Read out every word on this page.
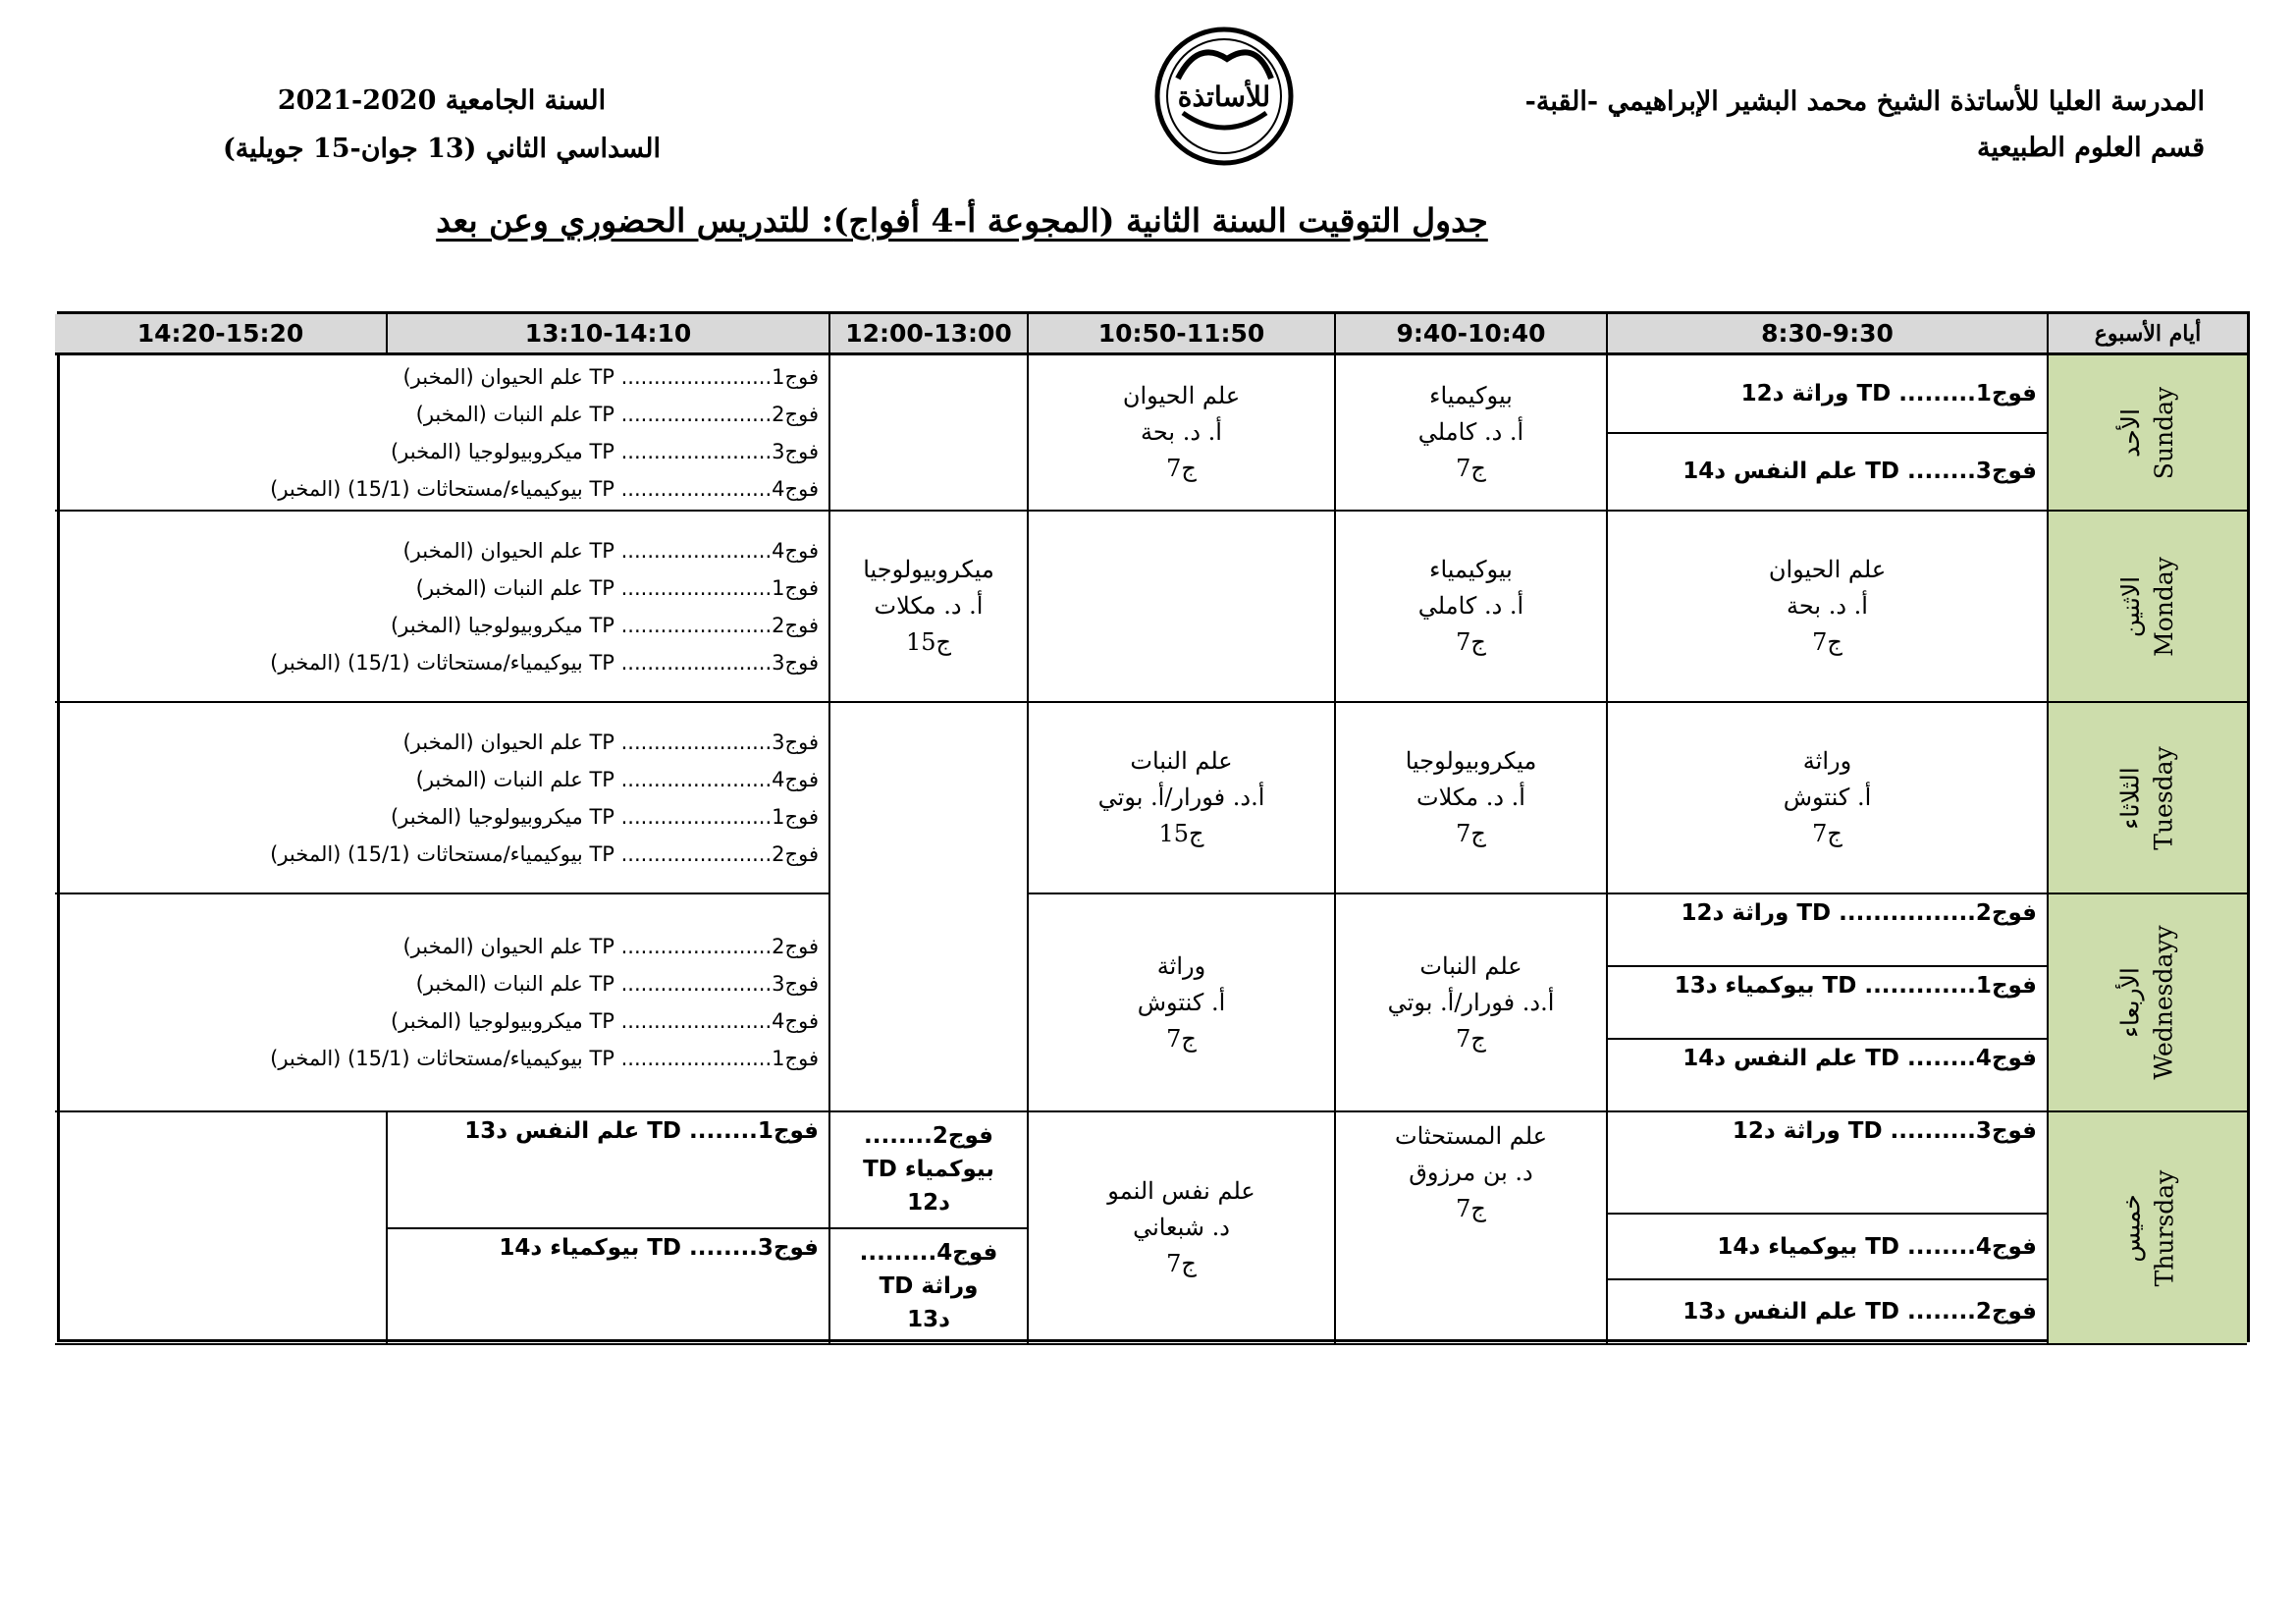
المدرسة العليا للأساتذة الشيخ محمد البشير الإبراهيمي -القبة-
قسم العلوم الطبيعية
للأساتذة
السنة الجامعية 2020-2021
السداسي الثاني (13 جوان-15 جويلية)
جدول التوقيت السنة الثانية (المجوعة أ-4 أفواج): للتدريس الحضوري وعن بعد
أيام الأسبوع
8:30-9:30
9:40-10:40
10:50-11:50
12:00-13:00
13:10-14:10
14:20-15:20
الأحد Sunday
فوج1......... TD وراثة د12
فوج3........ TD علم النفس د14
بيوكيمياء
أ. د. كاملي
ج7
علم الحيوان
أ. د. بحة
ج7
فوج1....................... TP علم الحيوان (المخبر)
فوج2....................... TP علم النبات (المخبر)
فوج3....................... TP ميكروبيولوجيا (المخبر)
فوج4....................... TP بيوكيمياء/مستحاثات (15/1) (المخبر)
الاثنين Monday
علم الحيوان
أ. د. بحة
ج7
بيوكيمياء
أ. د. كاملي
ج7
ميكروبيولوجيا
أ. د. مكلات
ج15
فوج4....................... TP علم الحيوان (المخبر)
فوج1....................... TP علم النبات (المخبر)
فوج2....................... TP ميكروبيولوجيا (المخبر)
فوج3....................... TP بيوكيمياء/مستحاثات (15/1) (المخبر)
الثلاثاء Tuesday
وراثة
أ. كنتوش
ج7
ميكروبيولوجيا
أ. د. مكلات
ج7
علم النبات
أ.د. فورار/أ. بوتي
ج15
فوج3....................... TP علم الحيوان (المخبر)
فوج4....................... TP علم النبات (المخبر)
فوج1....................... TP ميكروبيولوجيا (المخبر)
فوج2....................... TP بيوكيمياء/مستحاثات (15/1) (المخبر)
الأربعاء Wednesdayy
فوج2................ TD وراثة د12
فوج1............. TD بيوكمياء د13
فوج4........ TD علم النفس د14
علم النبات
أ.د. فورار/أ. بوتي
ج7
وراثة
أ. كنتوش
ج7
فوج2....................... TP علم الحيوان (المخبر)
فوج3....................... TP علم النبات (المخبر)
فوج4....................... TP ميكروبيولوجيا (المخبر)
فوج1....................... TP بيوكيمياء/مستحاثات (15/1) (المخبر)
خميس Thursday
فوج3.......... TD وراثة د12
فوج4........ TD بيوكمياء د14
فوج2........ TD علم النفس د13
علم المستحثات
د. بن مرزوق
ج7
علم نفس النمو
د. شبعاني
ج7
فوج2........
بيوكمياء TD
د12
فوج4.........
وراثة TD
د13
فوج1........ TD علم النفس د13
فوج3........ TD بيوكمياء د14
